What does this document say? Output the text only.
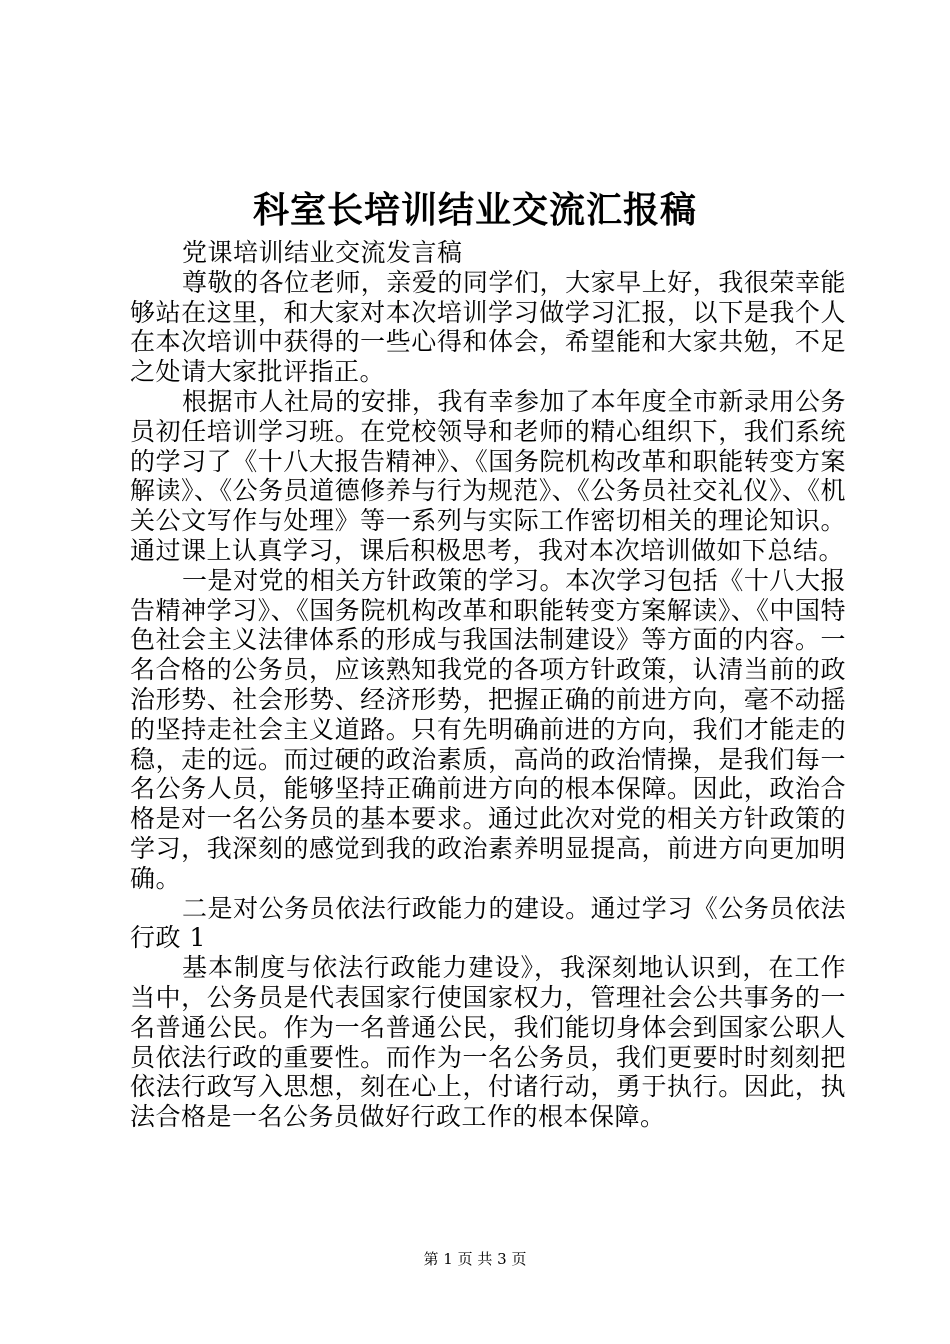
科室长培训结业交流汇报稿

党课培训结业交流发言稿

尊敬的各位老师，亲爱的同学们，大家早上好，我很荣幸能够站在这里，和大家对本次培训学习做学习汇报，以下是我个人在本次培训中获得的一些心得和体会，希望能和大家共勉，不足之处请大家批评指正。

根据市人社局的安排，我有幸参加了本年度全市新录用公务员初任培训学习班。在党校领导和老师的精心组织下，我们系统的学习了《十八大报告精神》、《国务院机构改革和职能转变方案解读》、《公务员道德修养与行为规范》、《公务员社交礼仪》、《机关公文写作与处理》等一系列与实际工作密切相关的理论知识。通过课上认真学习，课后积极思考，我对本次培训做如下总结。

一是对党的相关方针政策的学习。本次学习包括《十八大报告精神学习》、《国务院机构改革和职能转变方案解读》、《中国特色社会主义法律体系的形成与我国法制建设》等方面的内容。一名合格的公务员，应该熟知我党的各项方针政策，认清当前的政治形势、社会形势、经济形势，把握正确的前进方向，毫不动摇的坚持走社会主义道路。只有先明确前进的方向，我们才能走的稳，走的远。而过硬的政治素质，高尚的政治情操，是我们每一名公务人员，能够坚持正确前进方向的根本保障。因此，政治合格是对一名公务员的基本要求。通过此次对党的相关方针政策的学习，我深刻的感觉到我的政治素养明显提高，前进方向更加明确。

二是对公务员依法行政能力的建设。通过学习《公务员依法行政 1

基本制度与依法行政能力建设》，我深刻地认识到，在工作当中，公务员是代表国家行使国家权力，管理社会公共事务的一名普通公民。作为一名普通公民，我们能切身体会到国家公职人员依法行政的重要性。而作为一名公务员，我们更要时时刻刻把依法行政写入思想，刻在心上，付诸行动，勇于执行。因此，执法合格是一名公务员做好行政工作的根本保障。

第 1 页 共 3 页
